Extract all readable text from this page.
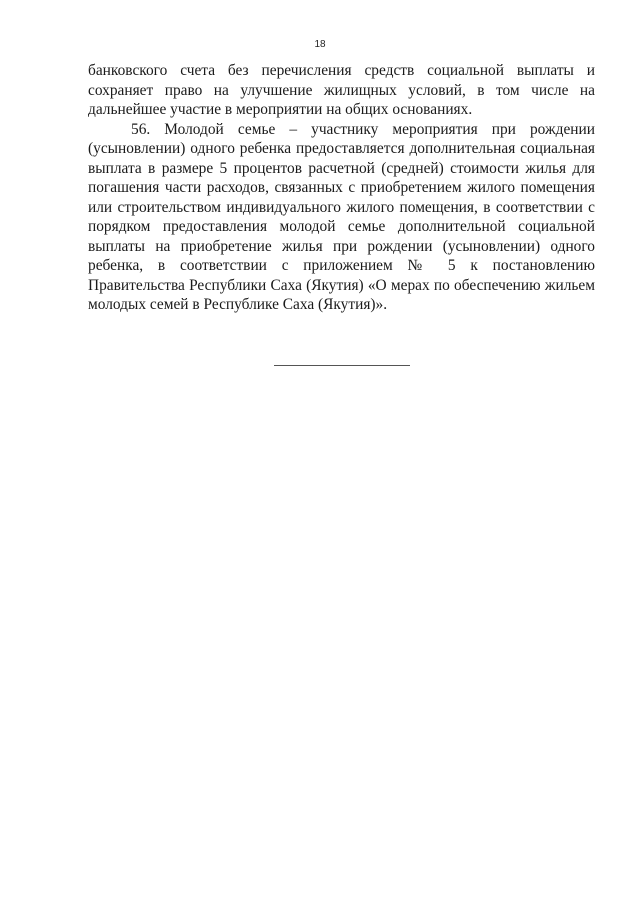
18

банковского счета без перечисления средств социальной выплаты и сохраняет право на улучшение жилищных условий, в том числе на дальнейшее участие в мероприятии на общих основаниях.

56. Молодой семье – участнику мероприятия при рождении (усыновлении) одного ребенка предоставляется дополнительная социальная выплата в размере 5 процентов расчетной (средней) стоимости жилья для погашения части расходов, связанных с приобретением жилого помещения или строительством индивидуального жилого помещения, в соответствии с порядком предоставления молодой семье дополнительной социальной выплаты на приобретение жилья при рождении (усыновлении) одного ребенка, в соответствии с приложением № 5 к постановлению Правительства Республики Саха (Якутия) «О мерах по обеспечению жильем молодых семей в Республике Саха (Якутия)».
